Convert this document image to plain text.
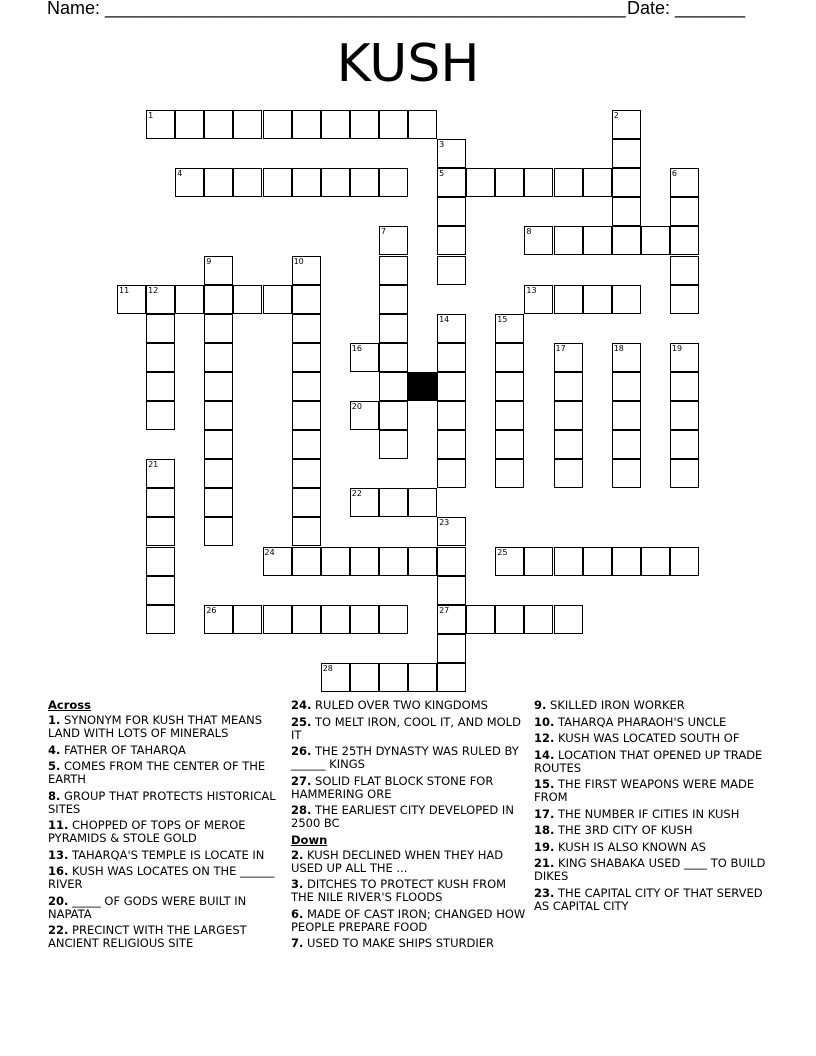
Name: ____________________________________________________ Date: _______
KUSH
1	2
3
4	5	6
7	8
9	10
11 12	13
14	15
16	17	18	19
20
21
22
23
24	25
26	27
28
Across
1. SYNONYM FOR KUSH THAT MEANS LAND WITH LOTS OF MINERALS
4. FATHER OF TAHARQA
5. COMES FROM THE CENTER OF THE EARTH
8. GROUP THAT PROTECTS HISTORICAL SITES
11. CHOPPED OF TOPS OF MEROE PYRAMIDS & STOLE GOLD
13. TAHARQA'S TEMPLE IS LOCATE IN
16. KUSH WAS LOCATES ON THE ______ RIVER
20. _____ OF GODS WERE BUILT IN NAPATA
22. PRECINCT WITH THE LARGEST ANCIENT RELIGIOUS SITE
24. RULED OVER TWO KINGDOMS
25. TO MELT IRON, COOL IT, AND MOLD IT
26. THE 25TH DYNASTY WAS RULED BY ______ KINGS
27. SOLID FLAT BLOCK STONE FOR HAMMERING ORE
28. THE EARLIEST CITY DEVELOPED IN 2500 BC
Down
2. KUSH DECLINED WHEN THEY HAD USED UP ALL THE ...
3. DITCHES TO PROTECT KUSH FROM THE NILE RIVER'S FLOODS
6. MADE OF CAST IRON; CHANGED HOW PEOPLE PREPARE FOOD
7. USED TO MAKE SHIPS STURDIER
9. SKILLED IRON WORKER
10. TAHARQA PHARAOH'S UNCLE
12. KUSH WAS LOCATED SOUTH OF
14. LOCATION THAT OPENED UP TRADE ROUTES
15. THE FIRST WEAPONS WERE MADE FROM
17. THE NUMBER IF CITIES IN KUSH
18. THE 3RD CITY OF KUSH
19. KUSH IS ALSO KNOWN AS
21. KING SHABAKA USED ____ TO BUILD DIKES
23. THE CAPITAL CITY OF THAT SERVED AS CAPITAL CITY
